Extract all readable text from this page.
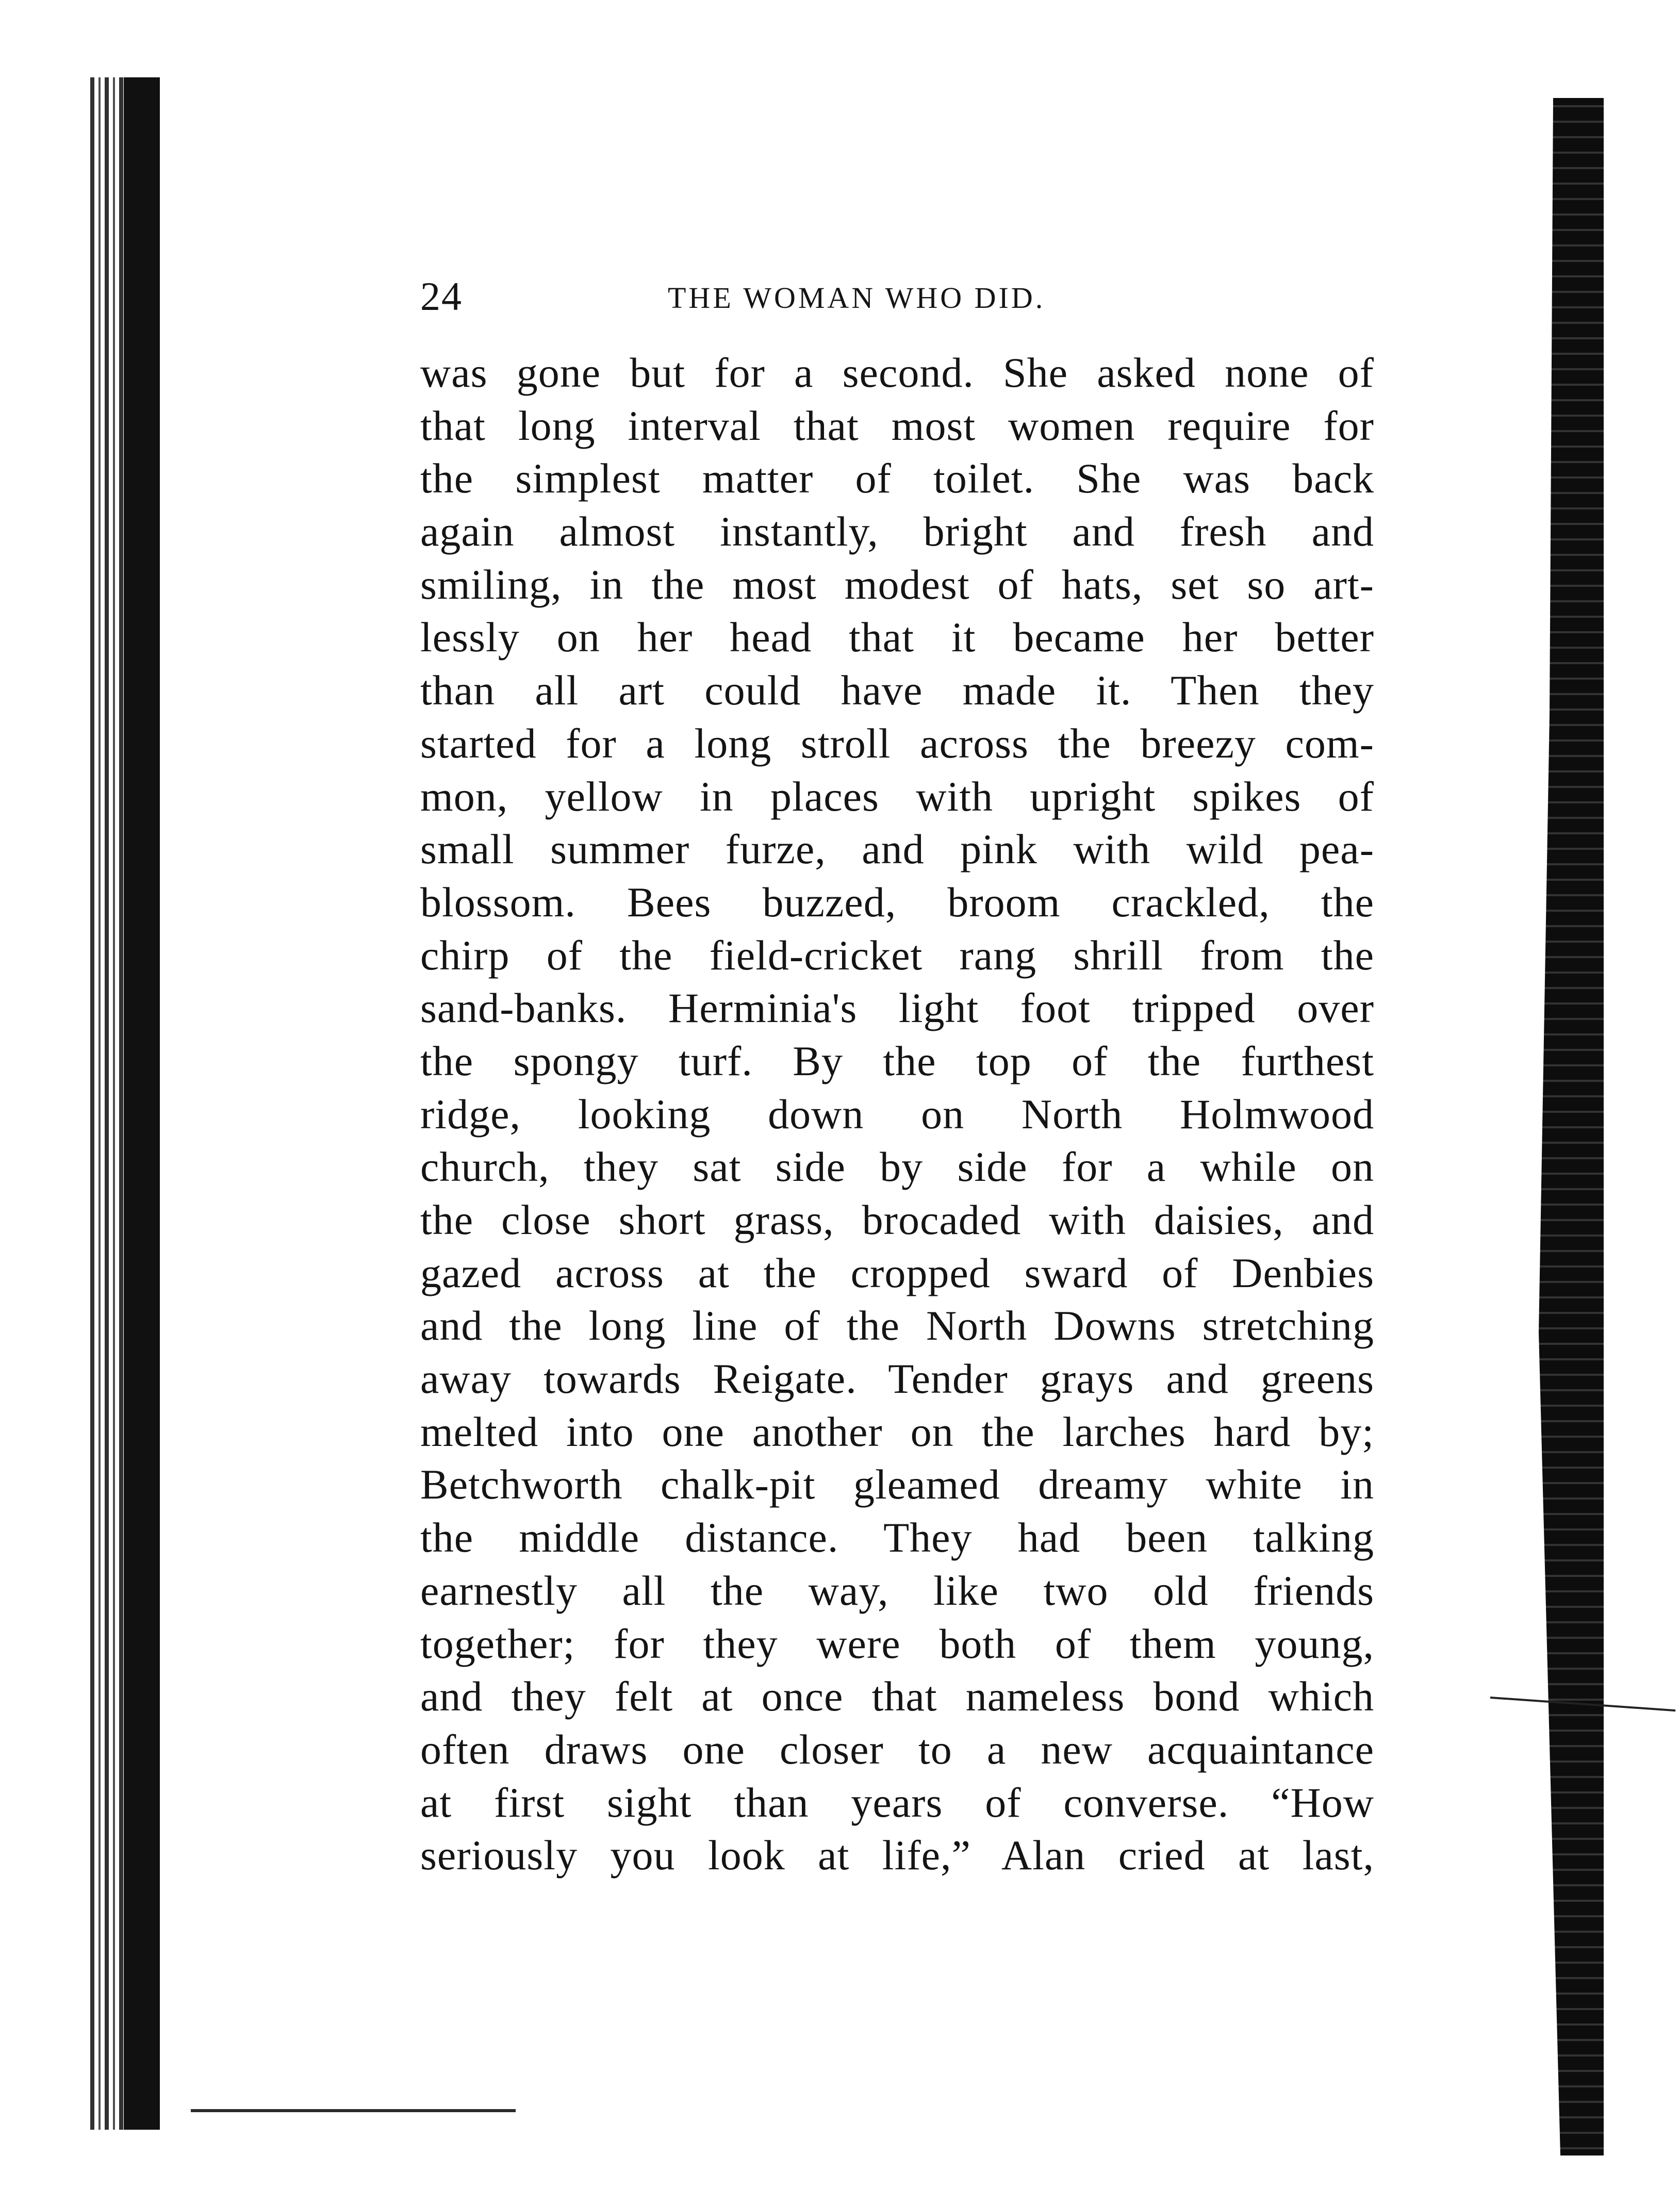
24	THE WOMAN WHO DID.
was gone but for a second. She asked none of
that long interval that most women require for
the simplest matter of toilet. She was back
again almost instantly, bright and fresh and
smiling, in the most modest of hats, set so art-
lessly on her head that it became her better
than all art could have made it. Then they
started for a long stroll across the breezy com-
mon, yellow in places with upright spikes of
small summer furze, and pink with wild pea-
blossom. Bees buzzed, broom crackled, the
chirp of the field-cricket rang shrill from the
sand-banks. Herminia's light foot tripped over
the spongy turf. By the top of the furthest
ridge, looking down on North Holmwood
church, they sat side by side for a while on
the close short grass, brocaded with daisies, and
gazed across at the cropped sward of Denbies
and the long line of the North Downs stretching
away towards Reigate. Tender grays and greens
melted into one another on the larches hard by;
Betchworth chalk-pit gleamed dreamy white in
the middle distance. They had been talking
earnestly all the way, like two old friends
together; for they were both of them young,
and they felt at once that nameless bond which
often draws one closer to a new acquaintance
at first sight than years of converse. “How
seriously you look at life,” Alan cried at last,
